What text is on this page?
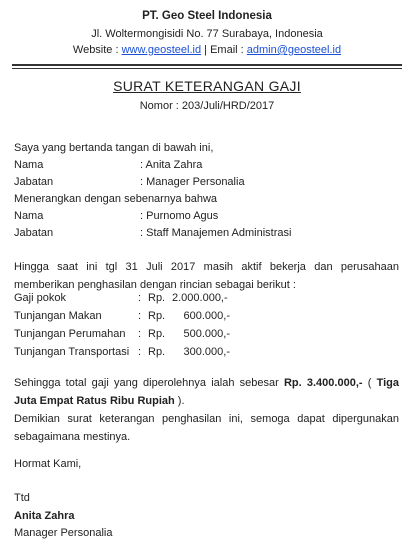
PT. Geo Steel Indonesia
Jl. Woltermongisidi No. 77 Surabaya, Indonesia
Website : www.geosteel.id | Email : admin@geosteel.id
SURAT KETERANGAN GAJI
Nomor : 203/Juli/HRD/2017
Saya yang bertanda tangan di bawah ini,
Nama	: Anita Zahra
Jabatan	: Manager Personalia
Menerangkan dengan sebenarnya bahwa
Nama	: Purnomo Agus
Jabatan	: Staff Manajemen Administrasi
Hingga saat ini tgl 31 Juli 2017 masih aktif bekerja dan perusahaan memberikan penghasilan dengan rincian sebagai berikut :
Gaji pokok	: Rp. 2.000.000,-
Tunjangan Makan	: Rp.	600.000,-
Tunjangan Perumahan : Rp.	500.000,-
Tunjangan Transportasi : Rp.	300.000,-
Sehingga total gaji yang diperolehnya ialah sebesar Rp. 3.400.000,- ( Tiga Juta Empat Ratus Ribu Rupiah ).
Demikian surat keterangan penghasilan ini, semoga dapat dipergunakan sebagaimana mestinya.
Hormat Kami,
Ttd
Anita Zahra
Manager Personalia
